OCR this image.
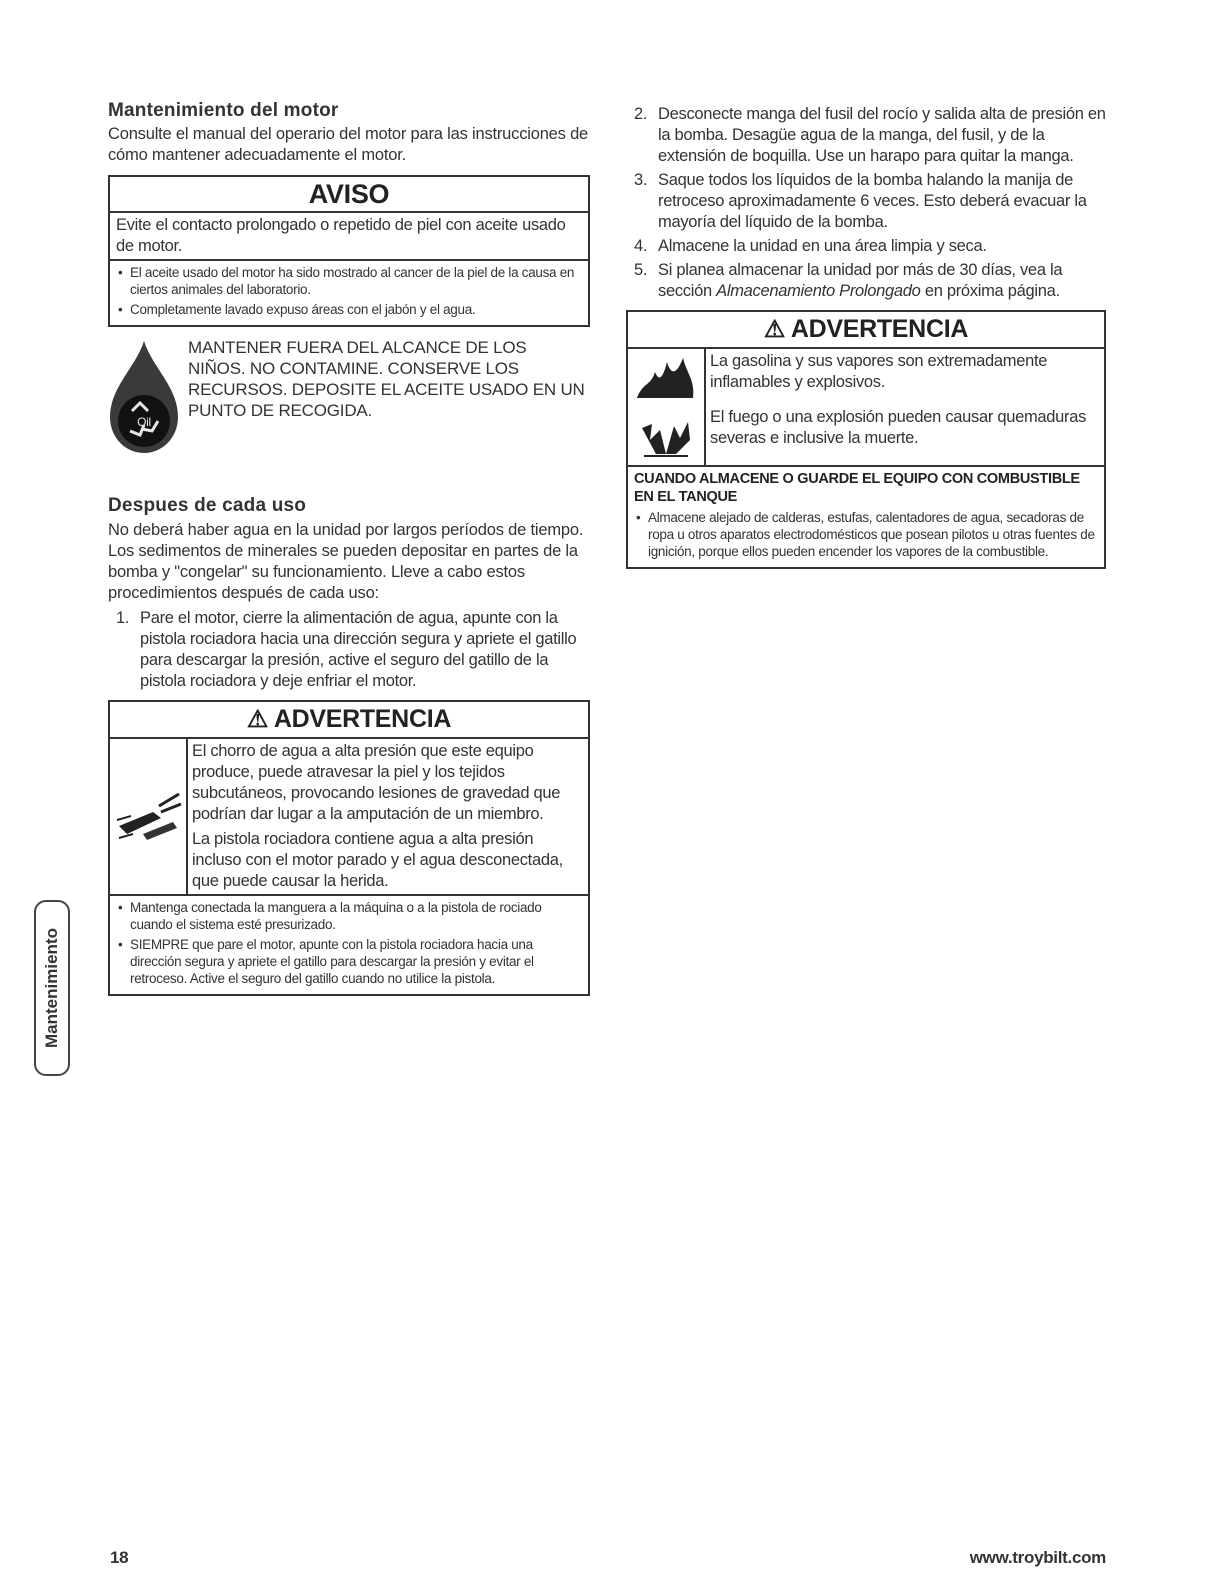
Mantenimiento del motor

Consulte el manual del operario del motor para las instrucciones de cómo mantener adecuadamente el motor.

AVISO
Evite el contacto prolongado o repetido de piel con aceite usado de motor.
• El aceite usado del motor ha sido mostrado al cancer de la piel de la causa en ciertos animales del laboratorio.
• Completamente lavado expuso áreas con el jabón y el agua.
Oil

MANTENER FUERA DEL ALCANCE DE LOS NIÑOS. NO CONTAMINE. CONSERVE LOS RECURSOS. DEPOSITE EL ACEITE USADO EN UN PUNTO DE RECOGIDA.

Despues de cada uso

No deberá haber agua en la unidad por largos períodos de tiempo. Los sedimentos de minerales se pueden depositar en partes de la bomba y "congelar" su funcionamiento. Lleve a cabo estos procedimientos después de cada uso:

1. Pare el motor, cierre la alimentación de agua, apunte con la pistola rociadora hacia una dirección segura y apriete el gatillo para descargar la presión, active el seguro del gatillo de la pistola rociadora y deje enfriar el motor.
⚠ ADVERTENCIA
El chorro de agua a alta presión que este equipo produce, puede atravesar la piel y los tejidos subcutáneos, provocando lesiones de gravedad que podrían dar lugar a la amputación de un miembro.
La pistola rociadora contiene agua a alta presión incluso con el motor parado y el agua desconectada, que puede causar la herida.
• Mantenga conectada la manguera a la máquina o a la pistola de rociado cuando el sistema esté presurizado.
• SIEMPRE que pare el motor, apunte con la pistola rociadora hacia una dirección segura y apriete el gatillo para descargar la presión y evitar el retroceso. Active el seguro del gatillo cuando no utilice la pistola.
2. Desconecte manga del fusil del rocío y salida alta de presión en la bomba. Desagüe agua de la manga, del fusil, y de la extensión de boquilla. Use un harapo para quitar la manga.
3. Saque todos los líquidos de la bomba halando la manija de retroceso aproximadamente 6 veces. Esto deberá evacuar la mayoría del líquido de la bomba.
4. Almacene la unidad en una área limpia y seca.
5. Si planea almacenar la unidad por más de 30 días, vea la sección Almacenamiento Prolongado en próxima página.
⚠ ADVERTENCIA
La gasolina y sus vapores son extremadamente inflamables y explosivos.
El fuego o una explosión pueden causar quemaduras severas e inclusive la muerte.
CUANDO ALMACENE O GUARDE EL EQUIPO CON COMBUSTIBLE EN EL TANQUE
• Almacene alejado de calderas, estufas, calentadores de agua, secadoras de ropa u otros aparatos electrodomésticos que posean pilotos u otras fuentes de ignición, porque ellos pueden encender los vapores de la combustible.
Mantenimiento
18	www.troybilt.com
